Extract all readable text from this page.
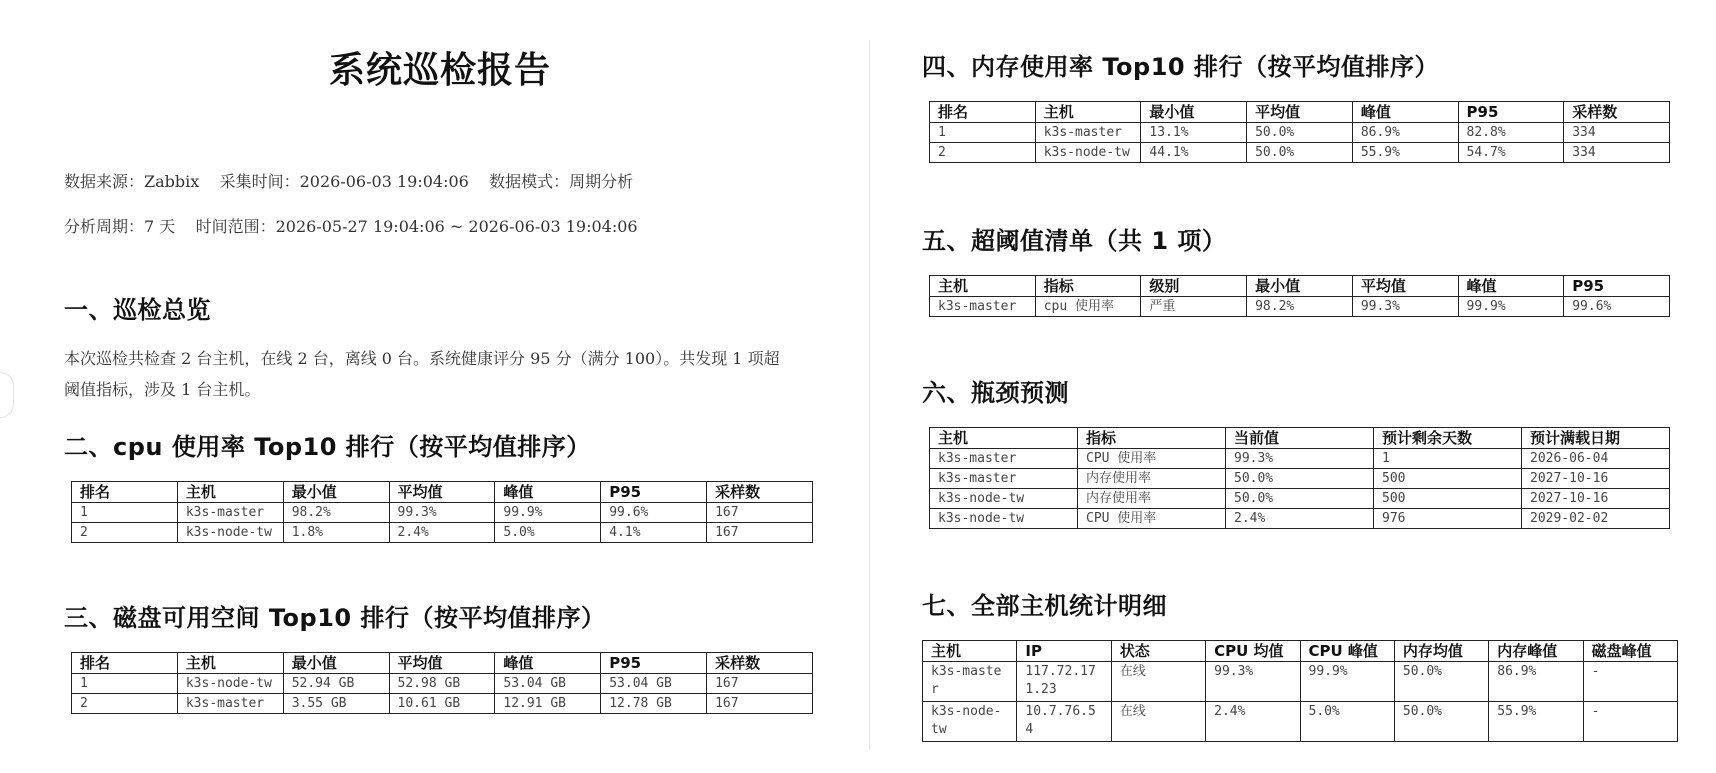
系统巡检报告

数据来源：Zabbix    采集时间：2026-06-03 19:04:06    数据模式：周期分析

分析周期：7 天    时间范围：2026-05-27 19:04:06 ~ 2026-06-03 19:04:06

一、巡检总览

本次巡检共检查 2 台主机，在线 2 台，离线 0 台。系统健康评分 95 分（满分 100）。共发现 1 项超阈值指标，涉及 1 台主机。

二、cpu 使用率 Top10 排行（按平均值排序）
排名	主机	最小值	平均值	峰值	P95	采样数
1	k3s-master	98.2%	99.3%	99.9%	99.6%	167
2	k3s-node-tw	1.8%	2.4%	5.0%	4.1%	167
三、磁盘可用空间 Top10 排行（按平均值排序）
排名	主机	最小值	平均值	峰值	P95	采样数
1	k3s-node-tw	52.94 GB	52.98 GB	53.04 GB	53.04 GB	167
2	k3s-master	3.55 GB	10.61 GB	12.91 GB	12.78 GB	167
四、内存使用率 Top10 排行（按平均值排序）
排名	主机	最小值	平均值	峰值	P95	采样数
1	k3s-master	13.1%	50.0%	86.9%	82.8%	334
2	k3s-node-tw	44.1%	50.0%	55.9%	54.7%	334
五、超阈值清单（共 1 项）
主机	指标	级别	最小值	平均值	峰值	P95
k3s-master	cpu 使用率	严重	98.2%	99.3%	99.9%	99.6%
六、瓶颈预测
主机	指标	当前值	预计剩余天数	预计满载日期
k3s-master	CPU 使用率	99.3%	1	2026-06-04
k3s-master	内存使用率	50.0%	500	2027-10-16
k3s-node-tw	内存使用率	50.0%	500	2027-10-16
k3s-node-tw	CPU 使用率	2.4%	976	2029-02-02
七、全部主机统计明细
主机	IP	状态	CPU 均值	CPU 峰值	内存均值	内存峰值	磁盘峰值
k3s-master	117.72.171.23	在线	99.3%	99.9%	50.0%	86.9%	-
k3s-node-tw	10.7.76.54	在线	2.4%	5.0%	50.0%	55.9%	-
